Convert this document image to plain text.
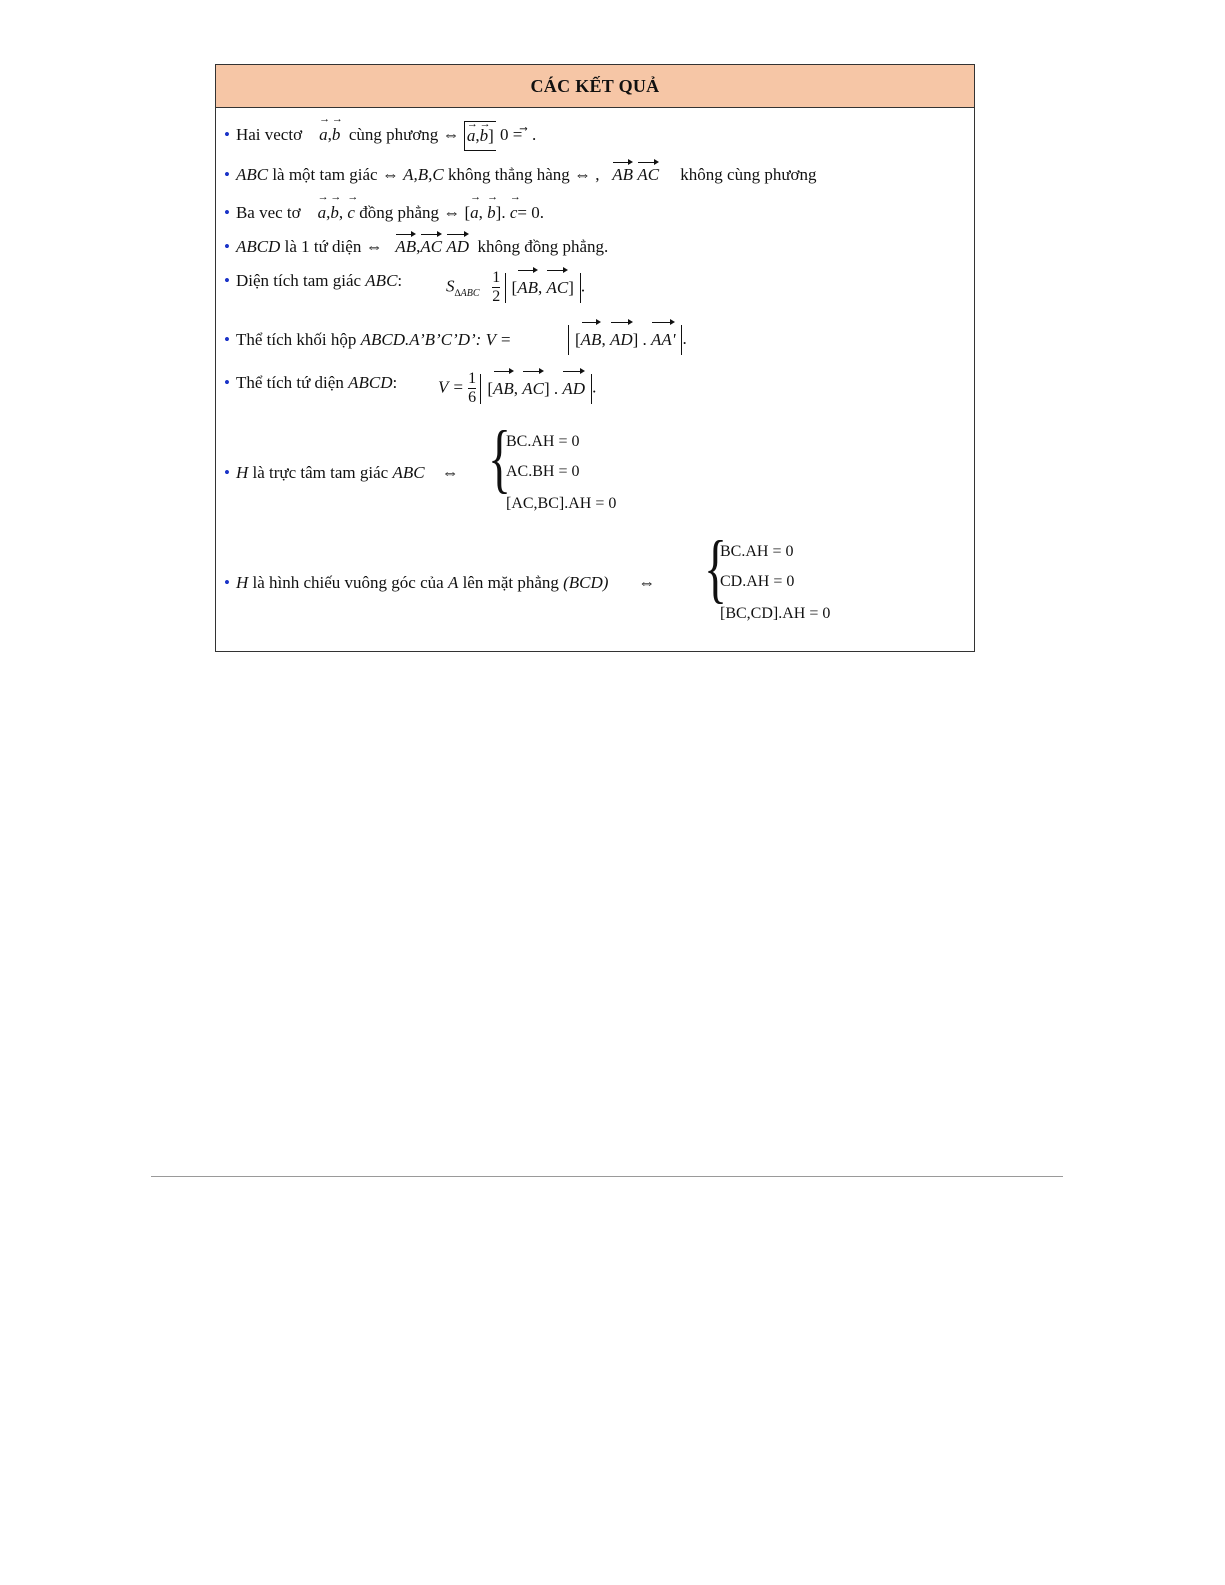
CÁC KẾT QUẢ
• Hai vectơ a →,b → cùng phương ⇔ a →,b →] 0 = ⃗ .
• ABC là một tam giác ⇔ A,B,C không thẳng hàng ⇔ , AB AC không cùng phương
• Ba vec tơ a →,b →, c → đồng phẳng ⇔ [a →, b →]. c →= 0.
• ABCD là 1 tứ diện ⇔ AB,AC AD không đồng phẳng.
• Diện tích tam giác ABC:	$S_{\Delta ABC} \frac{1}{2} [AB$, AC] .
• Thể tích khối hộp ABCD.A’B’C’D’: V =	[AB, AD] . AA' .
• Thể tích tứ diện ABCD: $V = \frac{1}{6} [AB$, AC] . AD .
• H là trực tâm tam giác ABC ⇔ {
BC.AH = 0
AC.BH = 0
[AC,BC].AH = 0
• H là hình chiếu vuông góc của A lên mặt phẳng (BCD) ⇔ {
BC.AH = 0
CD.AH = 0
[BC,CD].AH = 0
